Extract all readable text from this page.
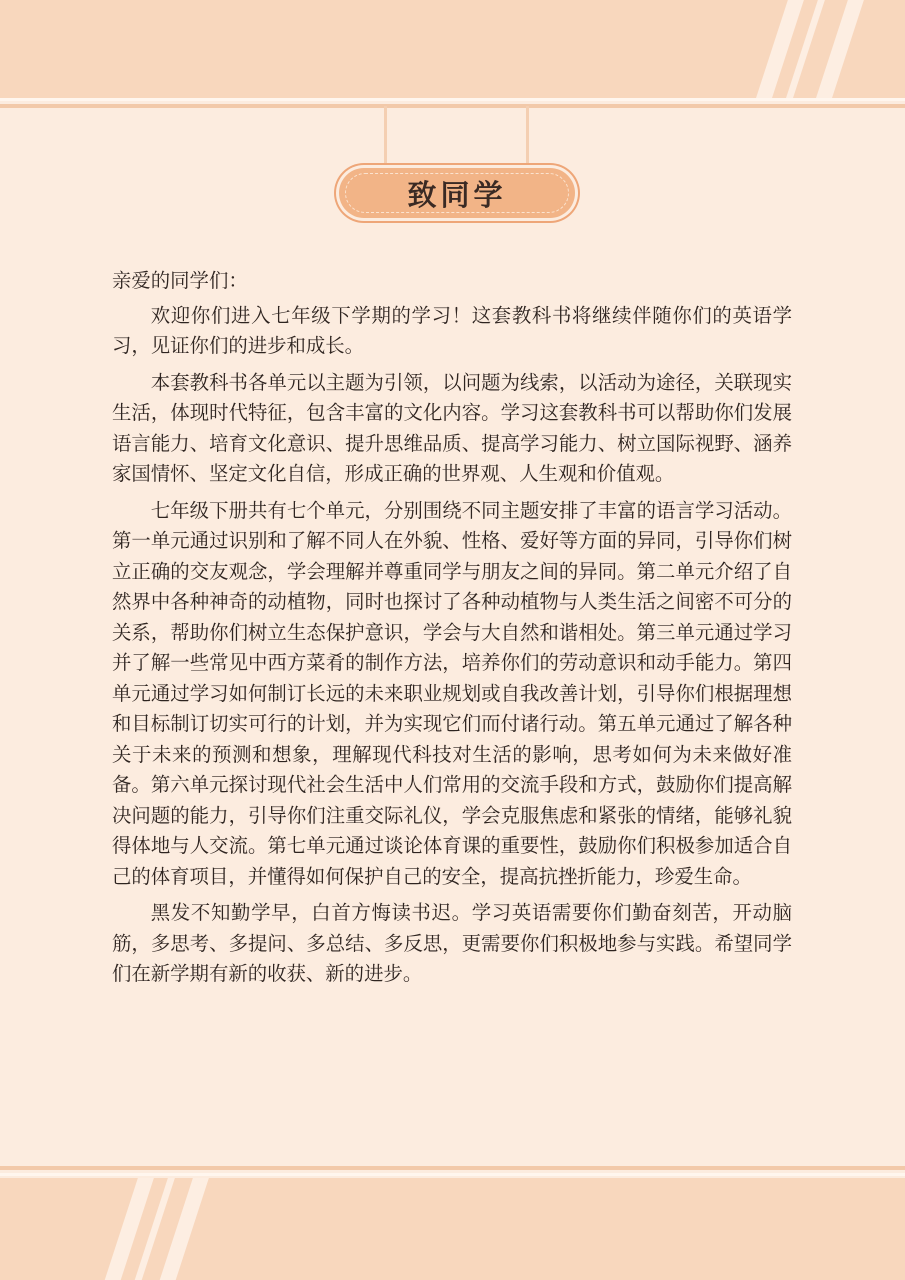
致同学

亲爱的同学们：

欢迎你们进入七年级下学期的学习！这套教科书将继续伴随你们的英语学习，见证你们的进步和成长。

本套教科书各单元以主题为引领，以问题为线索，以活动为途径，关联现实生活，体现时代特征，包含丰富的文化内容。学习这套教科书可以帮助你们发展语言能力、培育文化意识、提升思维品质、提高学习能力、树立国际视野、涵养家国情怀、坚定文化自信，形成正确的世界观、人生观和价值观。

七年级下册共有七个单元，分别围绕不同主题安排了丰富的语言学习活动。第一单元通过识别和了解不同人在外貌、性格、爱好等方面的异同，引导你们树立正确的交友观念，学会理解并尊重同学与朋友之间的异同。第二单元介绍了自然界中各种神奇的动植物，同时也探讨了各种动植物与人类生活之间密不可分的关系，帮助你们树立生态保护意识，学会与大自然和谐相处。第三单元通过学习并了解一些常见中西方菜肴的制作方法，培养你们的劳动意识和动手能力。第四单元通过学习如何制订长远的未来职业规划或自我改善计划，引导你们根据理想和目标制订切实可行的计划，并为实现它们而付诸行动。第五单元通过了解各种关于未来的预测和想象，理解现代科技对生活的影响，思考如何为未来做好准备。第六单元探讨现代社会生活中人们常用的交流手段和方式，鼓励你们提高解决问题的能力，引导你们注重交际礼仪，学会克服焦虑和紧张的情绪，能够礼貌得体地与人交流。第七单元通过谈论体育课的重要性，鼓励你们积极参加适合自己的体育项目，并懂得如何保护自己的安全，提高抗挫折能力，珍爱生命。

黑发不知勤学早，白首方悔读书迟。学习英语需要你们勤奋刻苦，开动脑筋，多思考、多提问、多总结、多反思，更需要你们积极地参与实践。希望同学们在新学期有新的收获、新的进步。
